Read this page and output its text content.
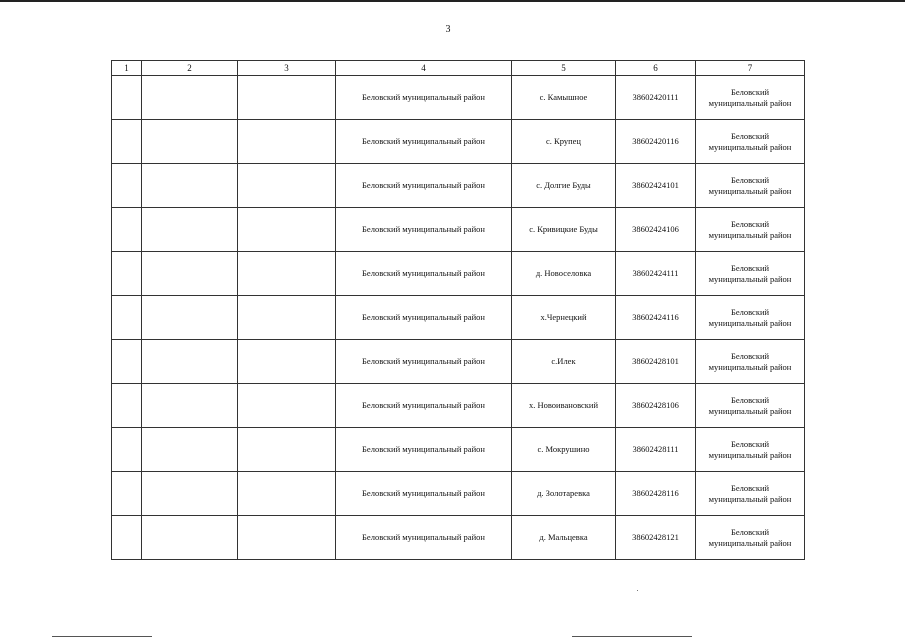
3
1	2	3	4	5	6	7
			Беловский муниципальный район	с. Камышное	38602420111	Беловский
муниципальный район

			Беловский муниципальный район	с. Крупец	38602420116	Беловский
муниципальный район

			Беловский муниципальный район	с. Долгие Буды	38602424101	Беловский
муниципальный район

			Беловский муниципальный район	с. Кривицкие Буды	38602424106	Беловский
муниципальный район

			Беловский муниципальный район	д. Новоселовка	38602424111	Беловский
муниципальный район

			Беловский муниципальный район	х.Чернецкий	38602424116	Беловский
муниципальный район

			Беловский муниципальный район	с.Илек	38602428101	Беловский
муниципальный район

			Беловский муниципальный район	х. Новоивановский	38602428106	Беловский
муниципальный район

			Беловский муниципальный район	с. Мокрушино	38602428111	Беловский
муниципальный район

			Беловский муниципальный район	д. Золотаревка	38602428116	Беловский
муниципальный район

			Беловский муниципальный район	д. Мальцевка	38602428121	Беловский
муниципальный район
